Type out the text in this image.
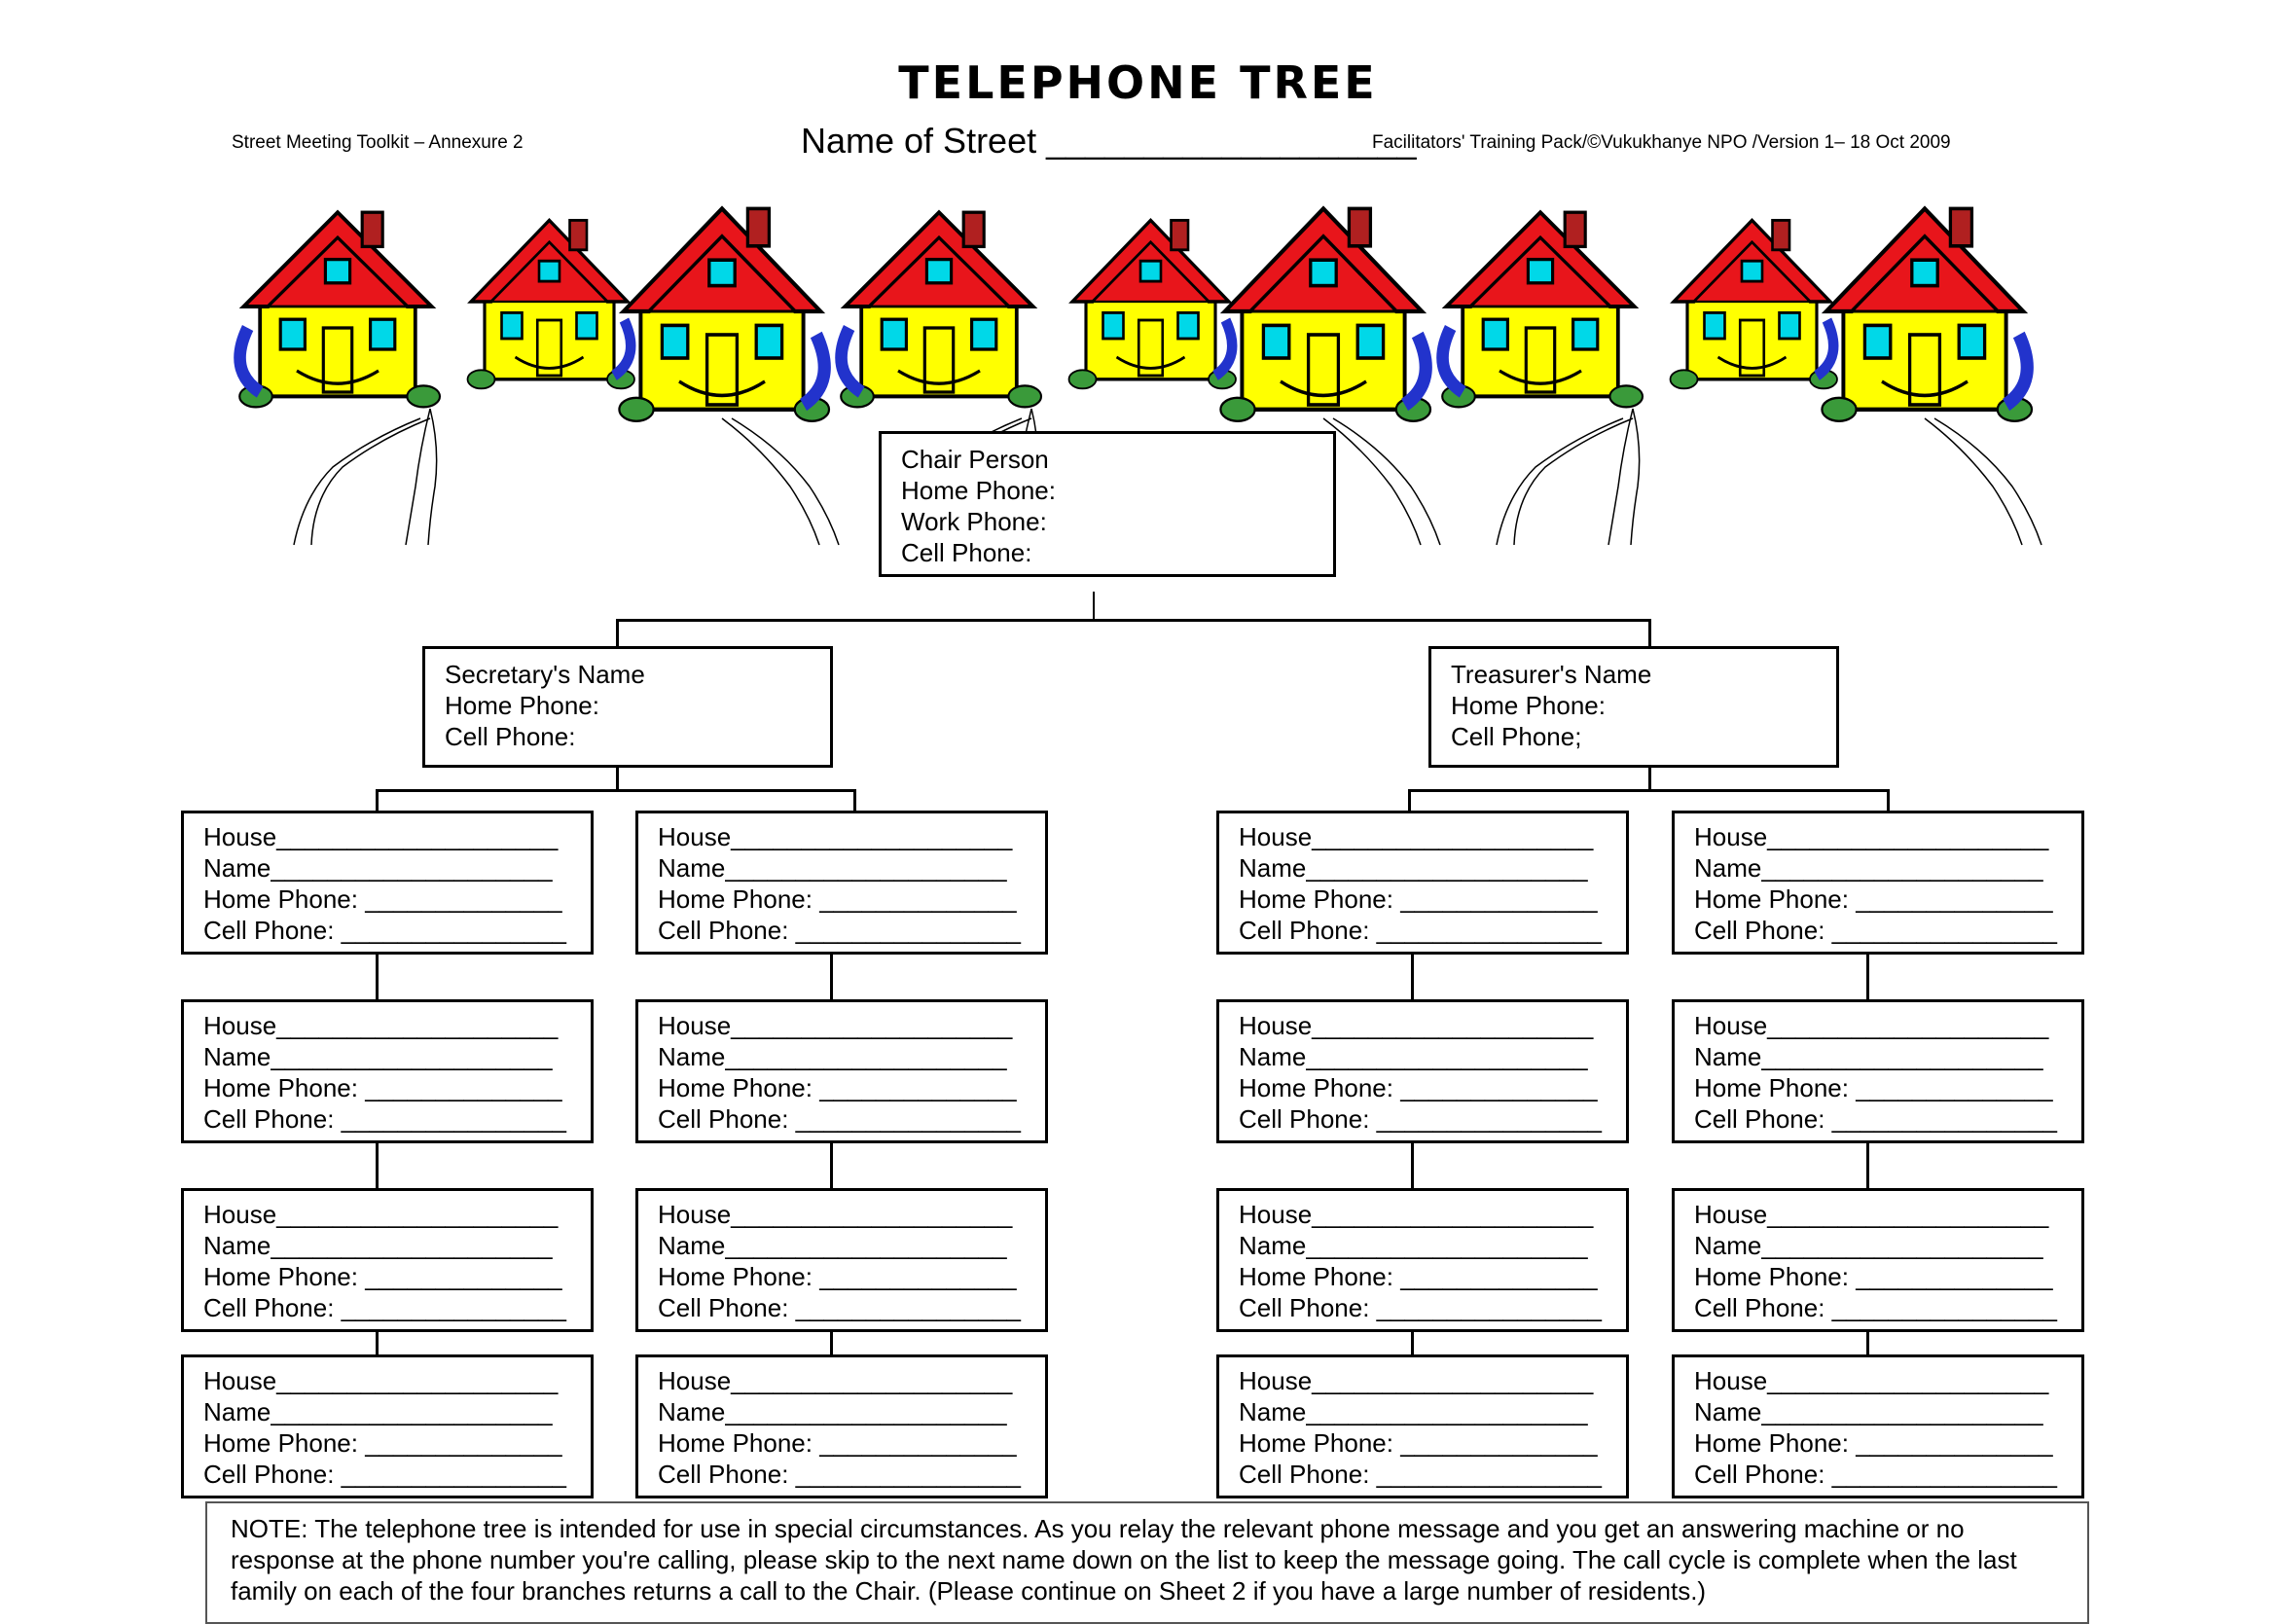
TELEPHONE TREE
Street Meeting Toolkit – Annexure 2	Name of Street ___________________
Facilitators' Training Pack/©Vukukhanye NPO /Version 1– 18 Oct 2009
Chair Person
Home Phone:
Work Phone:
Cell Phone:
Secretary's Name
Home Phone:
Cell Phone:
Treasurer's Name
Home Phone:
Cell Phone;
House____________________
Name____________________
Home Phone: ______________
Cell Phone: ________________
House____________________
Name____________________
Home Phone: ______________
Cell Phone: ________________
House____________________
Name____________________
Home Phone: ______________
Cell Phone: ________________
House____________________
Name____________________
Home Phone: ______________
Cell Phone: ________________
House____________________
Name____________________
Home Phone: ______________
Cell Phone: ________________
House____________________
Name____________________
Home Phone: ______________
Cell Phone: ________________
House____________________
Name____________________
Home Phone: ______________
Cell Phone: ________________
House____________________
Name____________________
Home Phone: ______________
Cell Phone: ________________
House____________________
Name____________________
Home Phone: ______________
Cell Phone: ________________
House____________________
Name____________________
Home Phone: ______________
Cell Phone: ________________
House____________________
Name____________________
Home Phone: ______________
Cell Phone: ________________
House____________________
Name____________________
Home Phone: ______________
Cell Phone: ________________
House____________________
Name____________________
Home Phone: ______________
Cell Phone: ________________
House____________________
Name____________________
Home Phone: ______________
Cell Phone: ________________
House____________________
Name____________________
Home Phone: ______________
Cell Phone: ________________
House____________________
Name____________________
Home Phone: ______________
Cell Phone: ________________
NOTE: The telephone tree is intended for use in special circumstances. As you relay the relevant phone message and you get an answering machine or no response at the phone number you're calling, please skip to the next name down on the list to keep the message going. The call cycle is complete when the last family on each of the four branches returns a call to the Chair. (Please continue on Sheet 2 if you have a large number of residents.)
